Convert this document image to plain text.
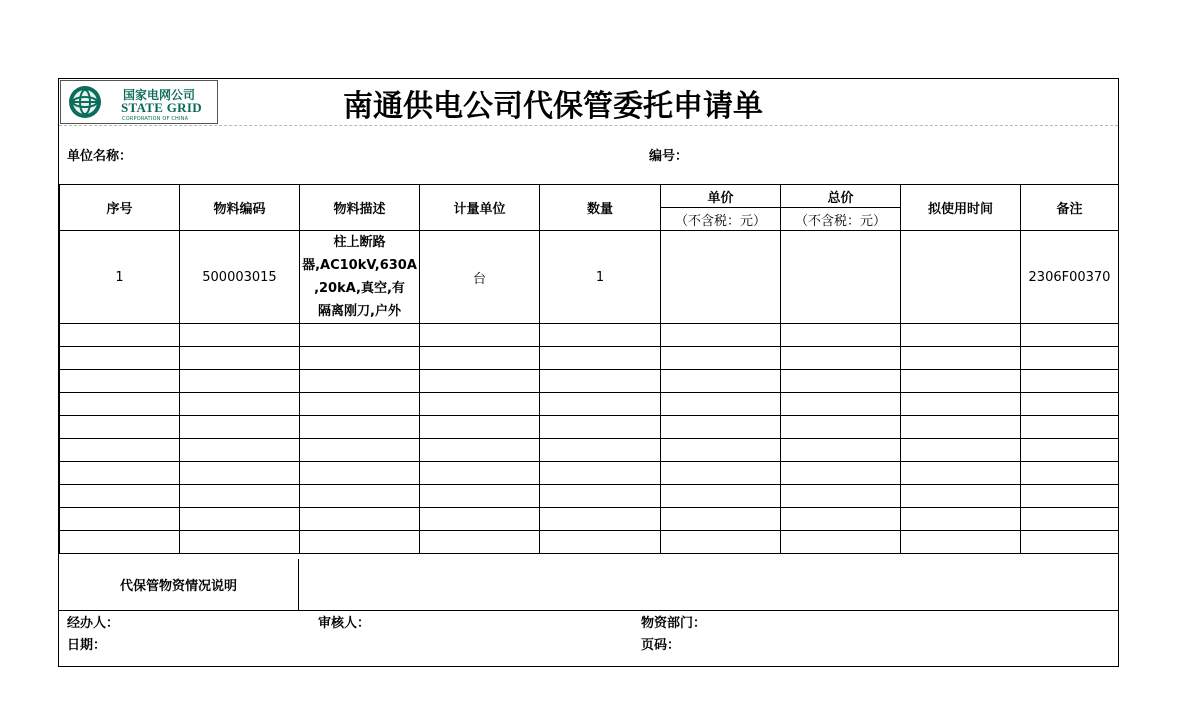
国家电网公司
STATE GRID
CORPORATION OF CHINA	南通供电公司代保管委托申请单
单位名称：	编号：
序号	物料编码	物料描述	计量单位	数量	单价	总价	拟使用时间	备注
					（不含税：元）	（不含税：元）		
1	500003015	柱上断路
器,AC10kV,630A
,20kA,真空,有
隔离刚刀,户外	台	1				2306F00370

代保管物资情况说明
经办人：	审核人：	物资部门：
日期：	页码：
